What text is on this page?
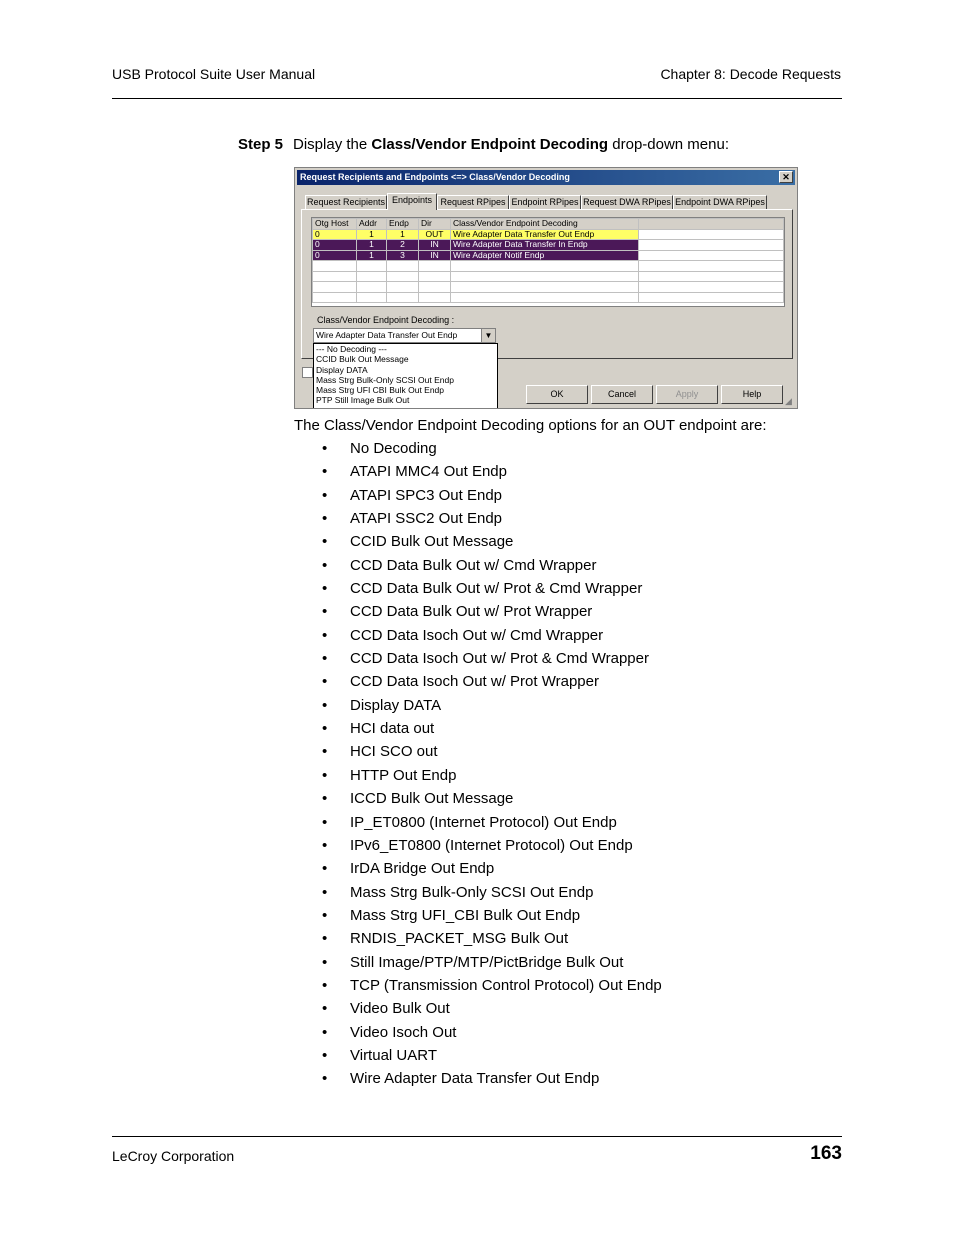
USB Protocol Suite User Manual	Chapter 8: Decode Requests
Step 5 Display the Class/Vendor Endpoint Decoding drop-down menu:
Request Recipients and Endpoints <=> Class/Vendor Decoding	✕
Request Recipients Endpoints Request RPipes Endpoint RPipes Request DWA RPipes Endpoint DWA RPipes
Otg Host	Addr	Endp	Dir	Class/Vendor Endpoint Decoding	
0	1	1	OUT	Wire Adapter Data Transfer Out Endp	
0	1	2	IN	Wire Adapter Data Transfer In Endp	
0	1	3	IN	Wire Adapter Notif Endp	

Class/Vendor Endpoint Decoding :
Wire Adapter Data Transfer Out Endp	▼
--- No Decoding ---
CCID Bulk Out Message
Display DATA
Mass Strg Bulk-Only SCSI Out Endp
Mass Strg UFI CBI Bulk Out Endp
PTP Still Image Bulk Out
OK	Cancel	Apply	Help
◢
The Class/Vendor Endpoint Decoding options for an OUT endpoint are:
• No Decoding
• ATAPI MMC4 Out Endp
• ATAPI SPC3 Out Endp
• ATAPI SSC2 Out Endp
• CCID Bulk Out Message
• CCD Data Bulk Out w/ Cmd Wrapper
• CCD Data Bulk Out w/ Prot & Cmd Wrapper
• CCD Data Bulk Out w/ Prot Wrapper
• CCD Data Isoch Out w/ Cmd Wrapper
• CCD Data Isoch Out w/ Prot & Cmd Wrapper
• CCD Data Isoch Out w/ Prot Wrapper
• Display DATA
• HCI data out
• HCI SCO out
• HTTP Out Endp
• ICCD Bulk Out Message
• IP_ET0800 (Internet Protocol) Out Endp
• IPv6_ET0800 (Internet Protocol) Out Endp
• IrDA Bridge Out Endp
• Mass Strg Bulk-Only SCSI Out Endp
• Mass Strg UFI_CBI Bulk Out Endp
• RNDIS_PACKET_MSG Bulk Out
• Still Image/PTP/MTP/PictBridge Bulk Out
• TCP (Transmission Control Protocol) Out Endp
• Video Bulk Out
• Video Isoch Out
• Virtual UART
• Wire Adapter Data Transfer Out Endp
LeCroy Corporation	163
